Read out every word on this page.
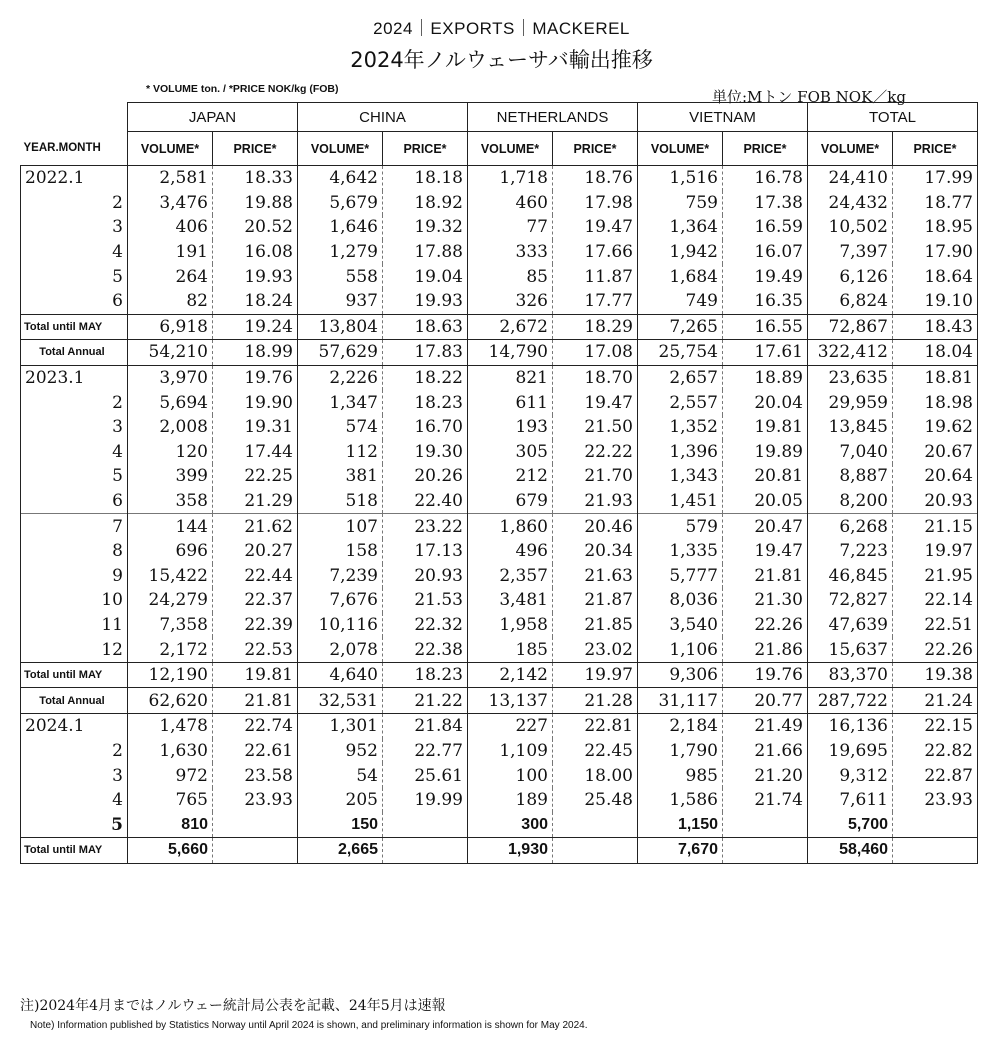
2024｜EXPORTS｜MACKEREL
2024年ノルウェーサバ輸出推移
* VOLUME ton. / *PRICE NOK/kg (FOB)	単位:Mトン FOB NOK／kg
	JAPAN		CHINA		NETHERLANDS		VIETNAM		TOTAL	
YEAR.MONTH	VOLUME*	PRICE*	VOLUME*	PRICE*	VOLUME*	PRICE*	VOLUME*	PRICE*	VOLUME*	PRICE*
2022.1	2,581	18.33	4,642	18.18	1,718	18.76	1,516	16.78	24,410	17.99
2	3,476	19.88	5,679	18.92	460	17.98	759	17.38	24,432	18.77
3	406	20.52	1,646	19.32	77	19.47	1,364	16.59	10,502	18.95
4	191	16.08	1,279	17.88	333	17.66	1,942	16.07	7,397	17.90
5	264	19.93	558	19.04	85	11.87	1,684	19.49	6,126	18.64
6	82	18.24	937	19.93	326	17.77	749	16.35	6,824	19.10
Total until MAY	6,918	19.24	13,804	18.63	2,672	18.29	7,265	16.55	72,867	18.43
Total Annual	54,210	18.99	57,629	17.83	14,790	17.08	25,754	17.61	322,412	18.04
2023.1	3,970	19.76	2,226	18.22	821	18.70	2,657	18.89	23,635	18.81
2	5,694	19.90	1,347	18.23	611	19.47	2,557	20.04	29,959	18.98
3	2,008	19.31	574	16.70	193	21.50	1,352	19.81	13,845	19.62
4	120	17.44	112	19.30	305	22.22	1,396	19.89	7,040	20.67
5	399	22.25	381	20.26	212	21.70	1,343	20.81	8,887	20.64
6	358	21.29	518	22.40	679	21.93	1,451	20.05	8,200	20.93
7	144	21.62	107	23.22	1,860	20.46	579	20.47	6,268	21.15
8	696	20.27	158	17.13	496	20.34	1,335	19.47	7,223	19.97
9	15,422	22.44	7,239	20.93	2,357	21.63	5,777	21.81	46,845	21.95
10	24,279	22.37	7,676	21.53	3,481	21.87	8,036	21.30	72,827	22.14
11	7,358	22.39	10,116	22.32	1,958	21.85	3,540	22.26	47,639	22.51
12	2,172	22.53	2,078	22.38	185	23.02	1,106	21.86	15,637	22.26
Total until MAY	12,190	19.81	4,640	18.23	2,142	19.97	9,306	19.76	83,370	19.38
Total Annual	62,620	21.81	32,531	21.22	13,137	21.28	31,117	20.77	287,722	21.24
2024.1	1,478	22.74	1,301	21.84	227	22.81	2,184	21.49	16,136	22.15
2	1,630	22.61	952	22.77	1,109	22.45	1,790	21.66	19,695	22.82
3	972	23.58	54	25.61	100	18.00	985	21.20	9,312	22.87
4	765	23.93	205	19.99	189	25.48	1,586	21.74	7,611	23.93
5	810		150		300		1,150		5,700	
Total until MAY	5,660		2,665		1,930		7,670		58,460	
注)2024年4月まではノルウェー統計局公表を記載、24年5月は速報
Note) Information published by Statistics Norway until April 2024 is shown, and preliminary information is shown for May 2024.
